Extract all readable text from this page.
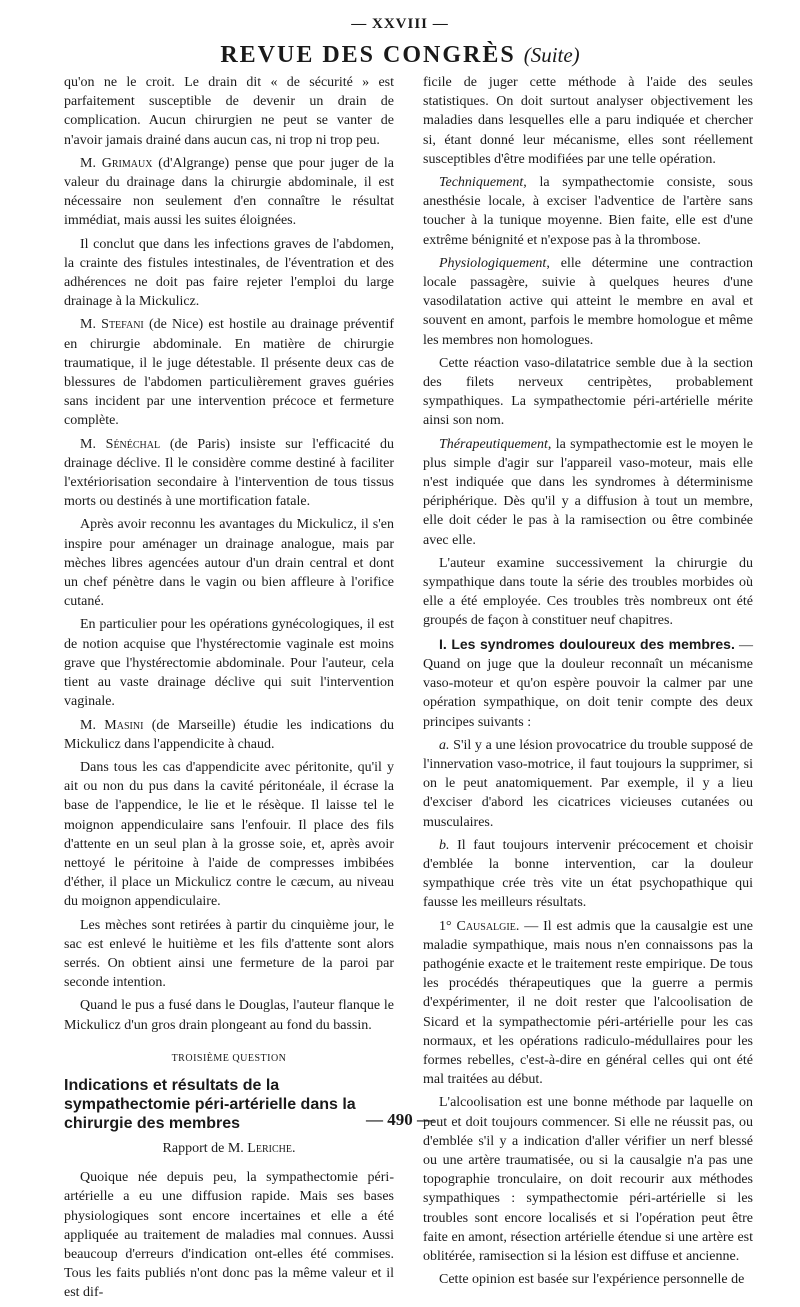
— XXVIII —
REVUE DES CONGRÈS (Suite)

qu'on ne le croit. Le drain dit « de sécurité » est parfaitement susceptible de devenir un drain de complication. Aucun chirurgien ne peut se vanter de n'avoir jamais drainé dans aucun cas, ni trop ni trop peu.

M. Grimaux (d'Algrange) pense que pour juger de la valeur du drainage dans la chirurgie abdominale, il est nécessaire non seulement d'en connaître le résultat immédiat, mais aussi les suites éloignées.

Il conclut que dans les infections graves de l'abdomen, la crainte des fistules intestinales, de l'éventration et des adhérences ne doit pas faire rejeter l'emploi du large drainage à la Mickulicz.

M. Stefani (de Nice) est hostile au drainage préventif en chirurgie abdominale. En matière de chirurgie traumatique, il le juge détestable. Il présente deux cas de blessures de l'abdomen particulièrement graves guéries sans incident par une intervention précoce et fermeture complète.

M. Sénéchal (de Paris) insiste sur l'efficacité du drainage déclive. Il le considère comme destiné à faciliter l'extériorisation secondaire à l'intervention de tous tissus morts ou destinés à une mortification fatale.

Après avoir reconnu les avantages du Mickulicz, il s'en inspire pour aménager un drainage analogue, mais par mèches libres agencées autour d'un drain central et dont un chef pénètre dans le vagin ou bien affleure à l'orifice cutané.

En particulier pour les opérations gynécologiques, il est de notion acquise que l'hystérectomie vaginale est moins grave que l'hystérectomie abdominale. Pour l'auteur, cela tient au vaste drainage déclive qui suit l'intervention vaginale.

M. Masini (de Marseille) étudie les indications du Mickulicz dans l'appendicite à chaud.

Dans tous les cas d'appendicite avec péritonite, qu'il y ait ou non du pus dans la cavité péritonéale, il écrase la base de l'appendice, le lie et le résèque. Il laisse tel le moignon appendiculaire sans l'enfouir. Il place des fils d'attente en un seul plan à la grosse soie, et, après avoir nettoyé le péritoine à l'aide de compresses imbibées d'éther, il place un Mickulicz contre le cæcum, au niveau du moignon appendiculaire.

Les mèches sont retirées à partir du cinquième jour, le sac est enlevé le huitième et les fils d'attente sont alors serrés. On obtient ainsi une fermeture de la paroi par seconde intention.

Quand le pus a fusé dans le Douglas, l'auteur flanque le Mickulicz d'un gros drain plongeant au fond du bassin.

TROISIÈME QUESTION
Indications et résultats de la sympathectomie péri-artérielle dans la chirurgie des membres
Rapport de M. Leriche.

Quoique née depuis peu, la sympathectomie péri-artérielle a eu une diffusion rapide. Mais ses bases physiologiques sont encore incertaines et elle a été appliquée au traitement de maladies mal connues. Aussi beaucoup d'erreurs d'indication ont-elles été commises. Tous les faits publiés n'ont donc pas la même valeur et il est dif-

ficile de juger cette méthode à l'aide des seules statistiques. On doit surtout analyser objectivement les maladies dans lesquelles elle a paru indiquée et chercher si, étant donné leur mécanisme, elles sont réellement susceptibles d'être modifiées par une telle opération.

Techniquement, la sympathectomie consiste, sous anesthésie locale, à exciser l'adventice de l'artère sans toucher à la tunique moyenne. Bien faite, elle est d'une extrême bénignité et n'expose pas à la thrombose.

Physiologiquement, elle détermine une contraction locale passagère, suivie à quelques heures d'une vasodilatation active qui atteint le membre en aval et souvent en amont, parfois le membre homologue et même les membres non homologues.

Cette réaction vaso-dilatatrice semble due à la section des filets nerveux centripètes, probablement sympathiques. La sympathectomie péri-artérielle mérite ainsi son nom.

Thérapeutiquement, la sympathectomie est le moyen le plus simple d'agir sur l'appareil vaso-moteur, mais elle n'est indiquée que dans les syndromes à déterminisme périphérique. Dès qu'il y a diffusion à tout un membre, elle doit céder le pas à la ramisection ou être combinée avec elle.

L'auteur examine successivement la chirurgie du sympathique dans toute la série des troubles morbides où elle a été employée. Ces troubles très nombreux ont été groupés de façon à constituer neuf chapitres.

I. Les syndromes douloureux des membres. — Quand on juge que la douleur reconnaît un mécanisme vaso-moteur et qu'on espère pouvoir la calmer par une opération sympathique, on doit tenir compte des deux principes suivants :

a. S'il y a une lésion provocatrice du trouble supposé de l'innervation vaso-motrice, il faut toujours la supprimer, si on le peut anatomiquement. Par exemple, il y a lieu d'exciser d'abord les cicatrices vicieuses cutanées ou musculaires.

b. Il faut toujours intervenir précocement et choisir d'emblée la bonne intervention, car la douleur sympathique crée très vite un état psychopathique qui fausse les meilleurs résultats.

1° Causalgie. — Il est admis que la causalgie est une maladie sympathique, mais nous n'en connaissons pas la pathogénie exacte et le traitement reste empirique. De tous les procédés thérapeutiques que la guerre a permis d'expérimenter, il ne doit rester que l'alcoolisation de Sicard et la sympathectomie péri-artérielle pour les cas normaux, et les opérations radiculo-médullaires pour les formes rebelles, c'est-à-dire en général celles qui ont été mal traitées au début.

L'alcoolisation est une bonne méthode par laquelle on peut et doit toujours commencer. Si elle ne réussit pas, ou d'emblée s'il y a indication d'aller vérifier un nerf blessé ou une artère traumatisée, ou si la causalgie n'a pas une topographie tronculaire, on doit recourir aux méthodes sympathiques : sympathectomie péri-artérielle si les troubles sont encore localisés et si l'opération peut être faite en amont, résection artérielle étendue si une artère est oblitérée, ramisection si la lésion est diffuse et ancienne.

Cette opinion est basée sur l'expérience personnelle de

— 490 —
